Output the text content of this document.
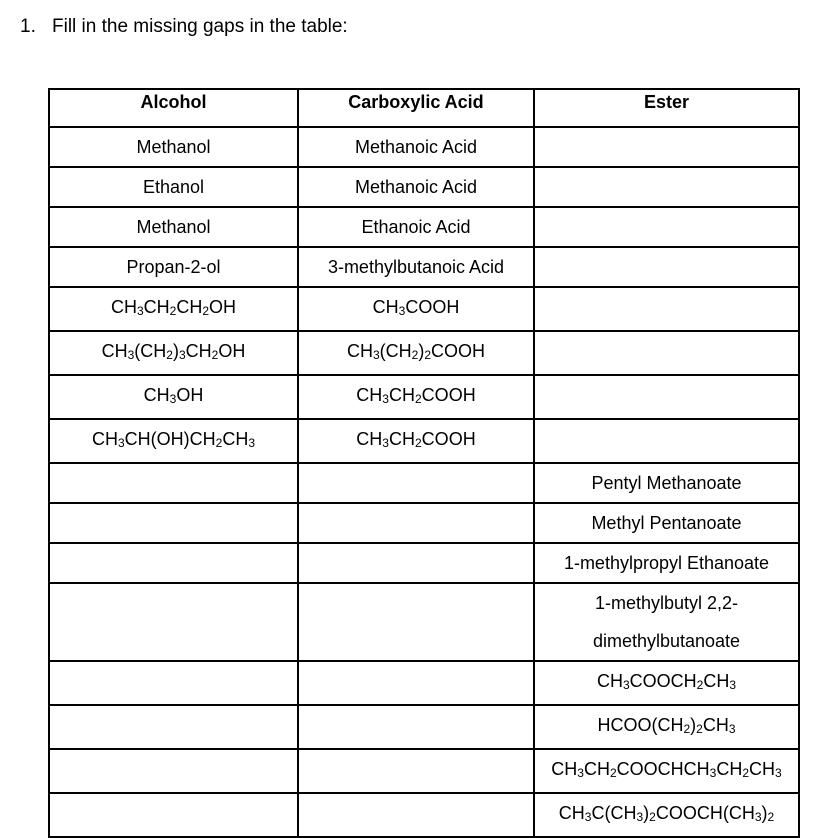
1. Fill in the missing gaps in the table:
Alcohol	Carboxylic Acid	Ester
Methanol	Methanoic Acid	
Ethanol	Methanoic Acid	
Methanol	Ethanoic Acid	
Propan-2-ol	3-methylbutanoic Acid	
$CH_3CH_2CH_2OH$	$CH_3COOH$	
$CH_3(CH_2)_3CH_2OH$	$CH_3(CH_2)_2COOH$	
$CH_3OH$	$CH_3CH_2COOH$	
$CH_3CH(OH)CH_2CH_3$	$CH_3CH_2COOH$	
		Pentyl Methanoate
		Methyl Pentanoate
		1-methylpropyl Ethanoate

		1-methylbutyl 2,2-
dimethylbutanoate

		$CH_3COOCH_2CH_3$
		$HCOO(CH_2)_2CH_3$
		$CH_3CH_2COOCHCH_3CH_2CH_3$
		$CH_3C(CH_3)_2COOCH(CH_3)_2$
